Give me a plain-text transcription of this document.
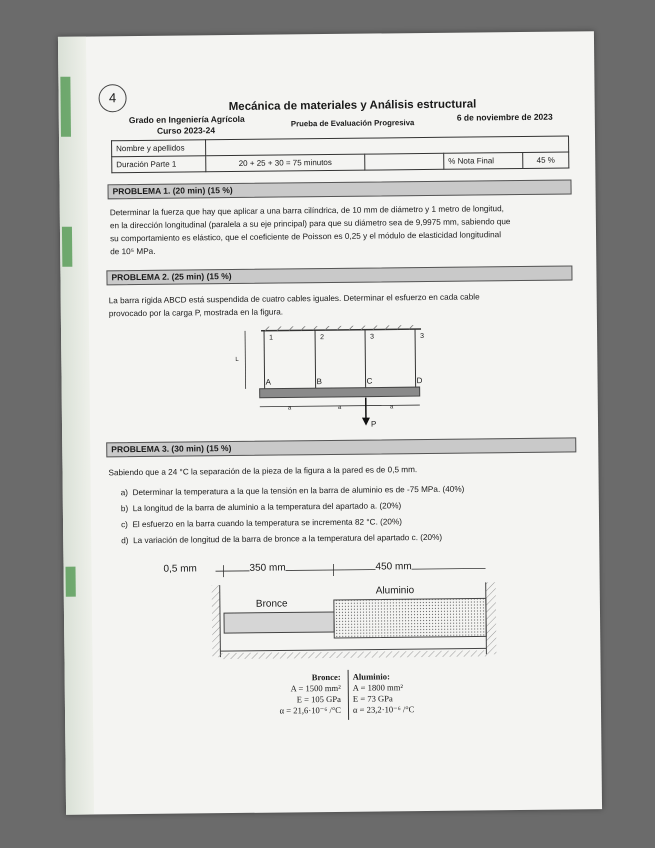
4
Mecánica de materiales y Análisis estructural
Grado en Ingeniería Agrícola
Curso 2023-24
Prueba de Evaluación Progresiva
6 de noviembre de 2023
Nombre y apellidos				
Duración Parte 1	20 + 25 + 30 = 75 minutos		% Nota Final	45 %
PROBLEMA 1. (20 min) (15 %)
Determinar la fuerza que hay que aplicar a una barra cilíndrica, de 10 mm de diámetro y 1 metro de longitud,
en la dirección longitudinal (paralela a su eje principal) para que su diámetro sea de 9,9975 mm, sabiendo que
su comportamiento es elástico, que el coeficiente de Poisson es 0,25 y el módulo de elasticidad longitudinal
de 10⁵ MPa.
PROBLEMA 2. (25 min) (15 %)
La barra rígida ABCD está suspendida de cuatro cables iguales. Determinar el esfuerzo en cada cable
provocado por la carga P, mostrada en la figura.
1	2	3	3
L
A	B	C	D
a	a	a
P
PROBLEMA 3. (30 min) (15 %)
Sabiendo que a 24 °C la separación de la pieza de la figura a la pared es de 0,5 mm.
a) Determinar la temperatura a la que la tensión en la barra de aluminio es de -75 MPa. (40%)
b) La longitud de la barra de aluminio a la temperatura del apartado a. (20%)
c) El esfuerzo en la barra cuando la temperatura se incrementa 82 °C. (20%)
d) La variación de longitud de la barra de bronce a la temperatura del apartado c. (20%)
0,5 mm	350 mm	450 mm
Bronce
Aluminio
Bronce:
A = 1500 mm²
E = 105 GPa
α = 21,6·10⁻⁶ /°C
Aluminio:
A = 1800 mm²
E = 73 GPa
α = 23,2·10⁻⁶ /°C
